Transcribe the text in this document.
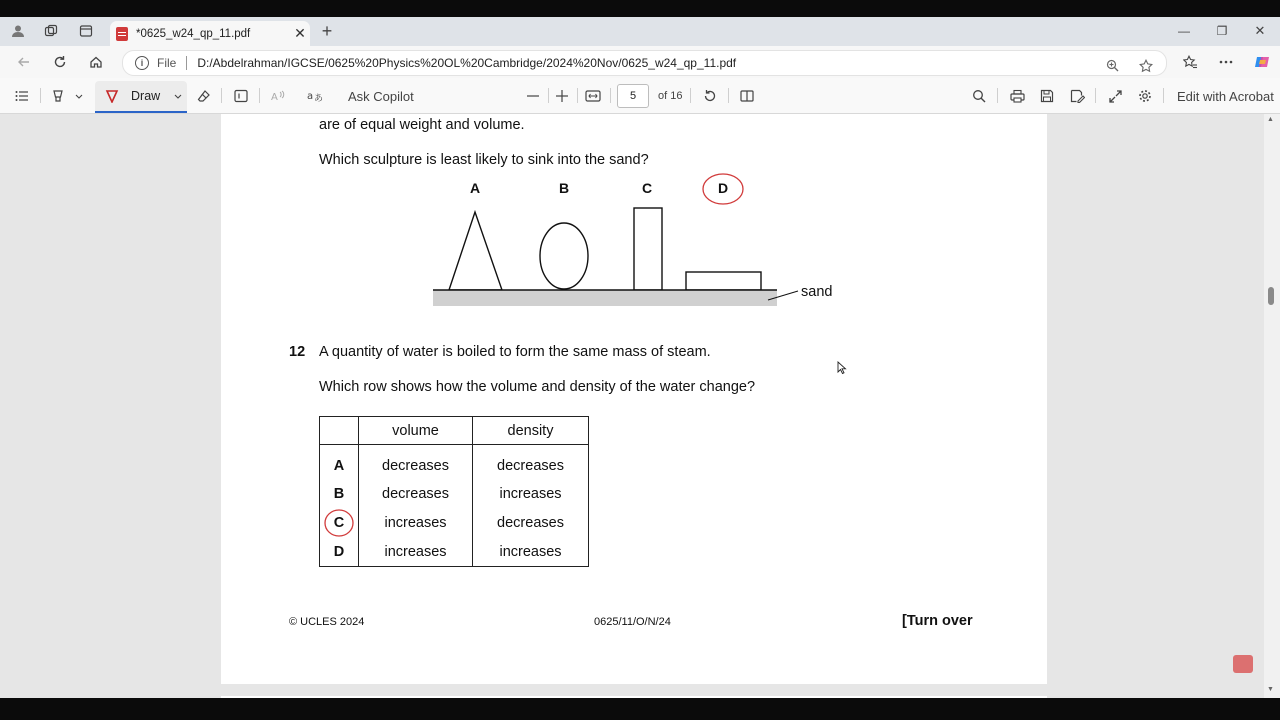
*0625_w24_qp_11.pdf	✕ +	—	❐	✕
i	File D:/Abdelrahman/IGCSE/0625%20Physics%20OL%20Cambridge/2024%20Nov/0625_w24_qp_11.pdf
Draw	A	a あ Ask Copilot	5	of 16	Edit with Acrobat
are of equal weight and volume.
Which sculpture is least likely to sink into the sand?
A	B	C	D
sand
12 A quantity of water is boiled to form the same mass of steam.
Which row shows how the volume and density of the water change?
	volume	density
A	decreases	decreases
B	decreases	increases
C	increases	decreases
D	increases	increases
© UCLES 2024	0625/11/O/N/24	[Turn over
▲
▼
